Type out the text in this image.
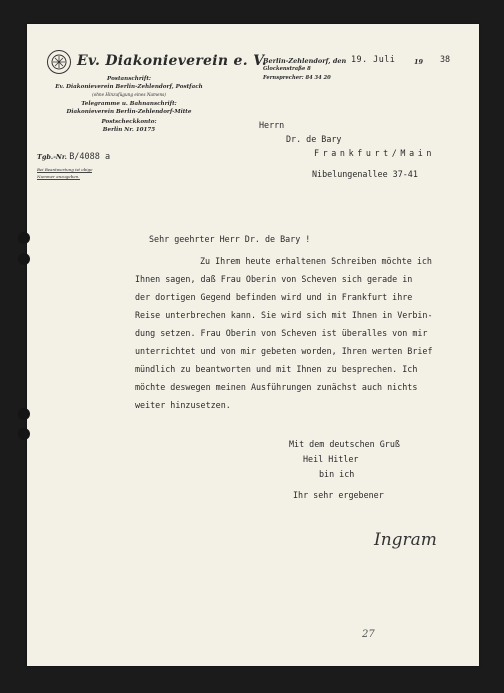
Ev. Diakonieverein e. V.
Postanschrift:
Ev. Diakonieverein Berlin-Zehlendorf, Postfach
(ohne Hinzufügung eines Namens)
Telegramme u. Bahnanschrift:
Diakonieverein Berlin-Zehlendorf-Mitte
Postscheckkonto:
Berlin Nr. 10175
Tgb.-Nr. B/4088 a
Bei Beantwortung ist obige
Nummer anzugeben.
Berlin-Zehlendorf, den 19. Juli	19 38
Glockenstraße 8
Fernsprecher: 84 34 20
Herrn
Dr. de Bary
Frankfurt/Main
Nibelungenallee 37-41
Sehr geehrter Herr Dr. de Bary !
Zu Ihrem heute erhaltenen Schreiben möchte ich
Ihnen sagen, daß Frau Oberin von Scheven sich gerade in
der dortigen Gegend befinden wird und in Frankfurt ihre
Reise unterbrechen kann. Sie wird sich mit Ihnen in Verbin-
dung setzen. Frau Oberin von Scheven ist überalles von mir
unterrichtet und von mir gebeten worden, Ihren werten Brief
mündlich zu beantworten und mit Ihnen zu besprechen. Ich
möchte deswegen meinen Ausführungen zunächst auch nichts
weiter hinzusetzen.
Mit dem deutschen Gruß
Heil Hitler
bin ich
Ihr sehr ergebener
Ingram
27
